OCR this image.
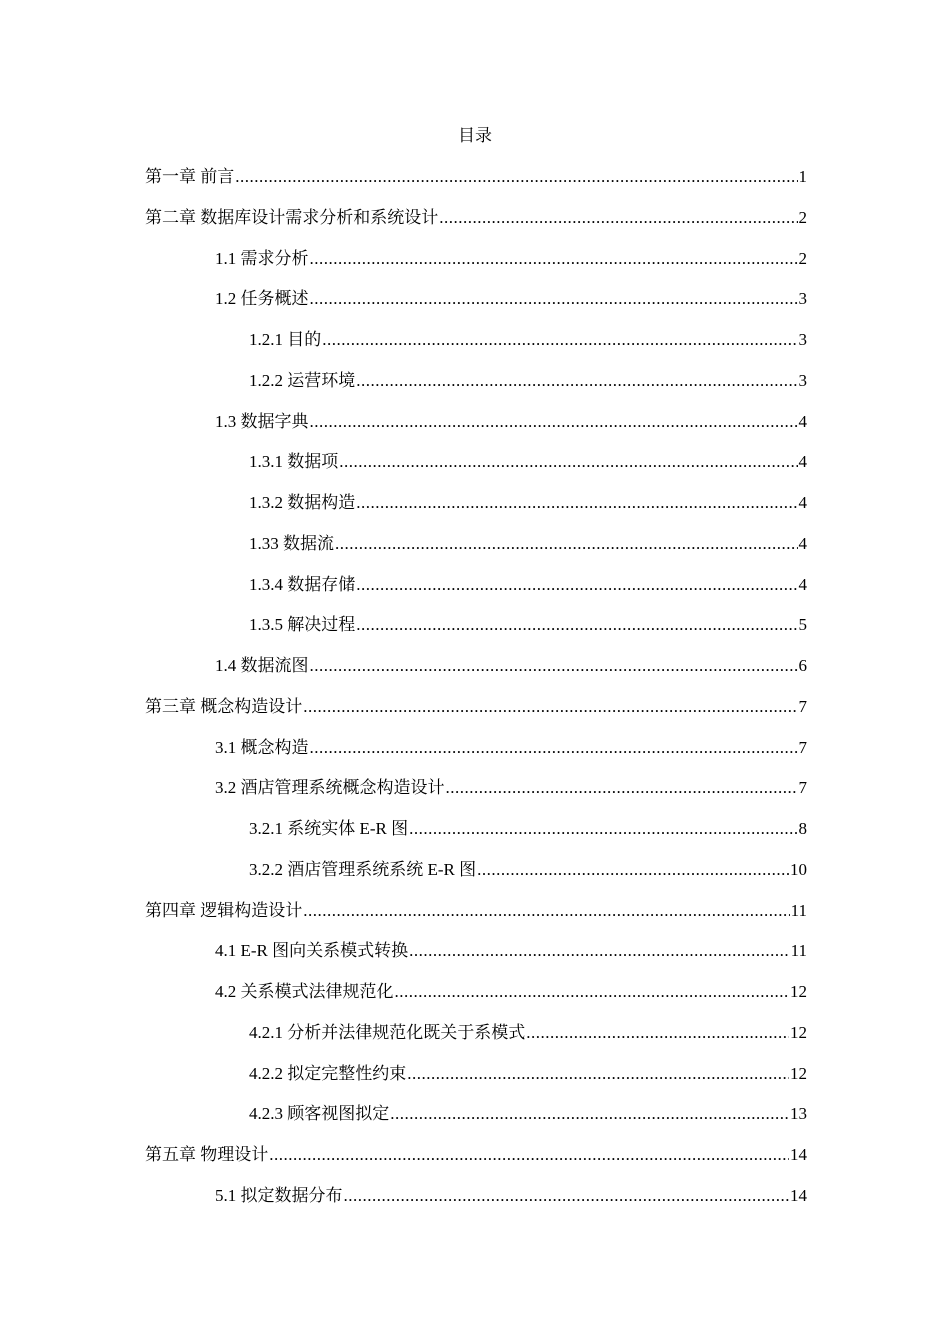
目录
第一章 前言 .....	1
第二章 数据库设计需求分析和系统设计 .....	2
1.1 需求分析 .....	2
1.2 任务概述 .....	3
1.2.1 目的 .....	3
1.2.2 运营环境 .....	3
1.3 数据字典 .....	4
1.3.1 数据项 .....	4
1.3.2 数据构造 .....	4
1.33 数据流 .....	4
1.3.4 数据存储 .....	4
1.3.5 解决过程 .....	5
1.4 数据流图 .....	6
第三章 概念构造设计 .....	7
3.1 概念构造 .....	7
3.2 酒店管理系统概念构造设计 .....	7
3.2.1 系统实体 E-R 图 .....	8
3.2.2 酒店管理系统系统 E-R 图 .....	10
第四章 逻辑构造设计 .....	11
4.1 E-R 图向关系模式转换 .....	11
4.2 关系模式法律规范化 .....	12
4.2.1 分析并法律规范化既关于系模式 .....	12
4.2.2 拟定完整性约束 .....	12
4.2.3 顾客视图拟定 .....	13
第五章 物理设计 .....	14
5.1 拟定数据分布 .....	14
